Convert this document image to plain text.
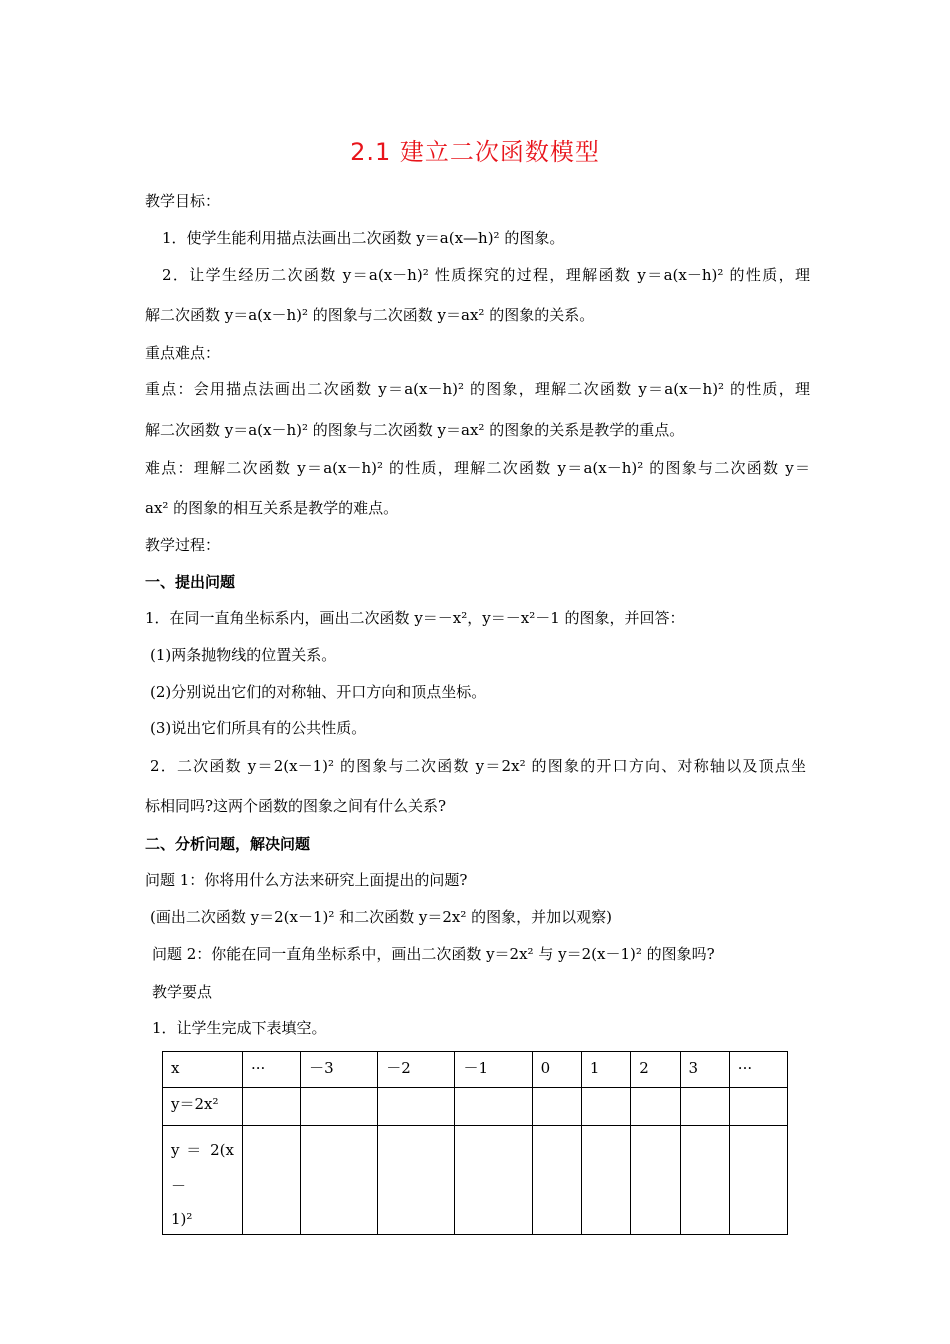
2.1 建立二次函数模型
教学目标：
1．使学生能利用描点法画出二次函数 y＝a(x—h)² 的图象。
2．让学生经历二次函数 y＝a(x－h)² 性质探究的过程，理解函数 y＝a(x－h)² 的性质，理
解二次函数 y＝a(x－h)² 的图象与二次函数 y＝ax² 的图象的关系。
重点难点：
重点：会用描点法画出二次函数 y＝a(x－h)² 的图象，理解二次函数 y＝a(x－h)² 的性质，理
解二次函数 y＝a(x－h)² 的图象与二次函数 y＝ax² 的图象的关系是教学的重点。
难点：理解二次函数 y＝a(x－h)² 的性质，理解二次函数 y＝a(x－h)² 的图象与二次函数 y＝
ax² 的图象的相互关系是教学的难点。
教学过程：
一、提出问题
1．在同一直角坐标系内，画出二次函数 y＝－x²，y＝－x²－1 的图象，并回答：
(1)两条抛物线的位置关系。
(2)分别说出它们的对称轴、开口方向和顶点坐标。
(3)说出它们所具有的公共性质。
2．二次函数 y＝2(x－1)² 的图象与二次函数 y＝2x² 的图象的开口方向、对称轴以及顶点坐
标相同吗?这两个函数的图象之间有什么关系?
二、分析问题，解决问题
问题 1：你将用什么方法来研究上面提出的问题?
(画出二次函数 y＝2(x－1)² 和二次函数 y＝2x² 的图象，并加以观察)
问题 2：你能在同一直角坐标系中，画出二次函数 y＝2x² 与 y＝2(x－1)² 的图象吗?
教学要点
1．让学生完成下表填空。
x	···	－3	－2	－1	0	1	2	3	···
y＝2x²									

y ＝ 2(x －
1)²									
